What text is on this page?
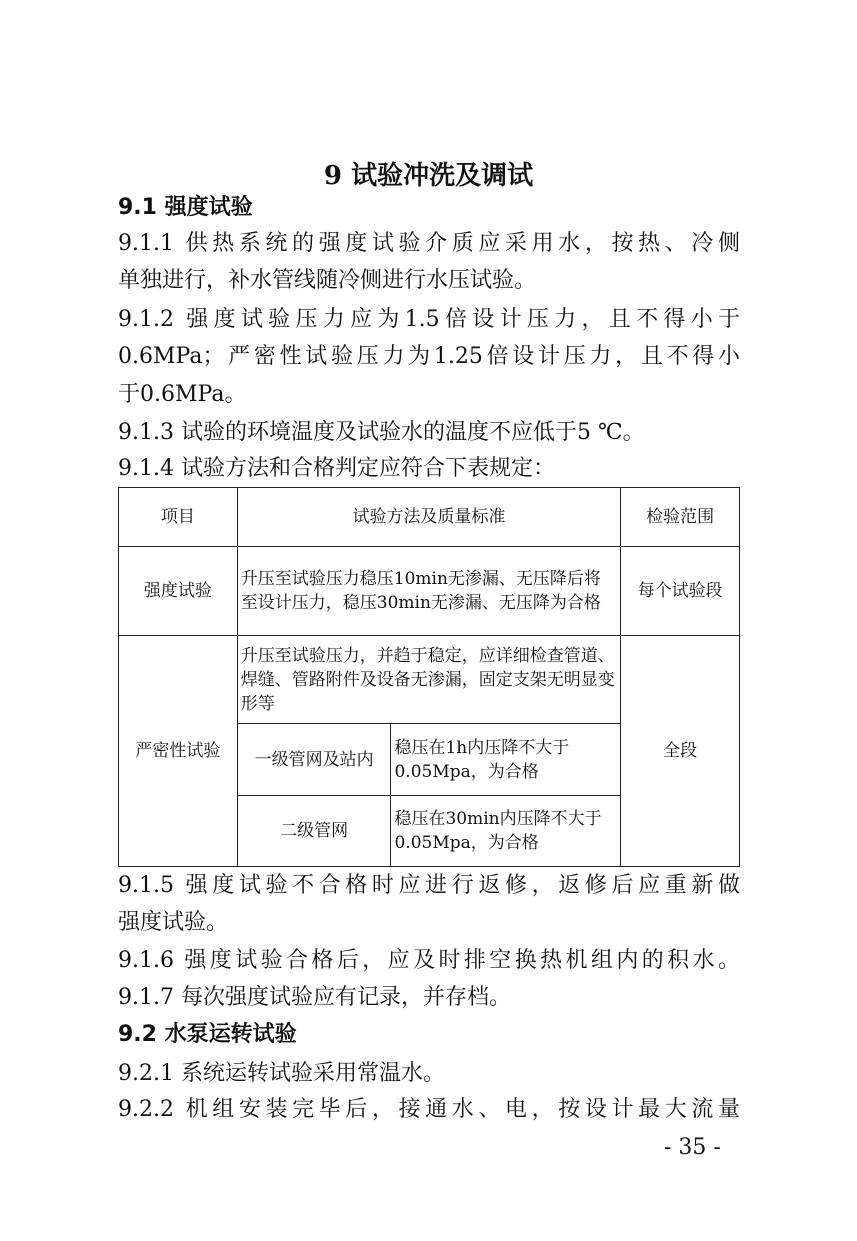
9 试验冲洗及调试
9.1 强度试验
9.1.1 供热系统的强度试验介质应采用水，按热、冷侧
单独进行，补水管线随冷侧进行水压试验。
9.1.2 强度试验压力应为1.5倍设计压力，且不得小于
0.6MPa；严密性试验压力为1.25倍设计压力，且不得小
于0.6MPa。
9.1.3 试验的环境温度及试验水的温度不应低于5 ℃。
9.1.4 试验方法和合格判定应符合下表规定：
项目	试验方法及质量标准		检验范围
强度试验	升压至试验压力稳压10min无渗漏、无压降后将至设计压力，稳压30min无渗漏、无压降为合格		每个试验段
严密性试验	升压至试验压力，并趋于稳定，应详细检查管道、焊缝、管路附件及设备无渗漏，固定支架无明显变形等		全段
	一级管网及站内	稳压在1h内压降不大于0.05Mpa，为合格	
	二级管网	稳压在30min内压降不大于0.05Mpa，为合格	
9.1.5 强度试验不合格时应进行返修，返修后应重新做
强度试验。
9.1.6 强度试验合格后，应及时排空换热机组内的积水。
9.1.7 每次强度试验应有记录，并存档。
9.2 水泵运转试验
9.2.1 系统运转试验采用常温水。
9.2.2 机组安装完毕后，接通水、电，按设计最大流量
- 35 -
